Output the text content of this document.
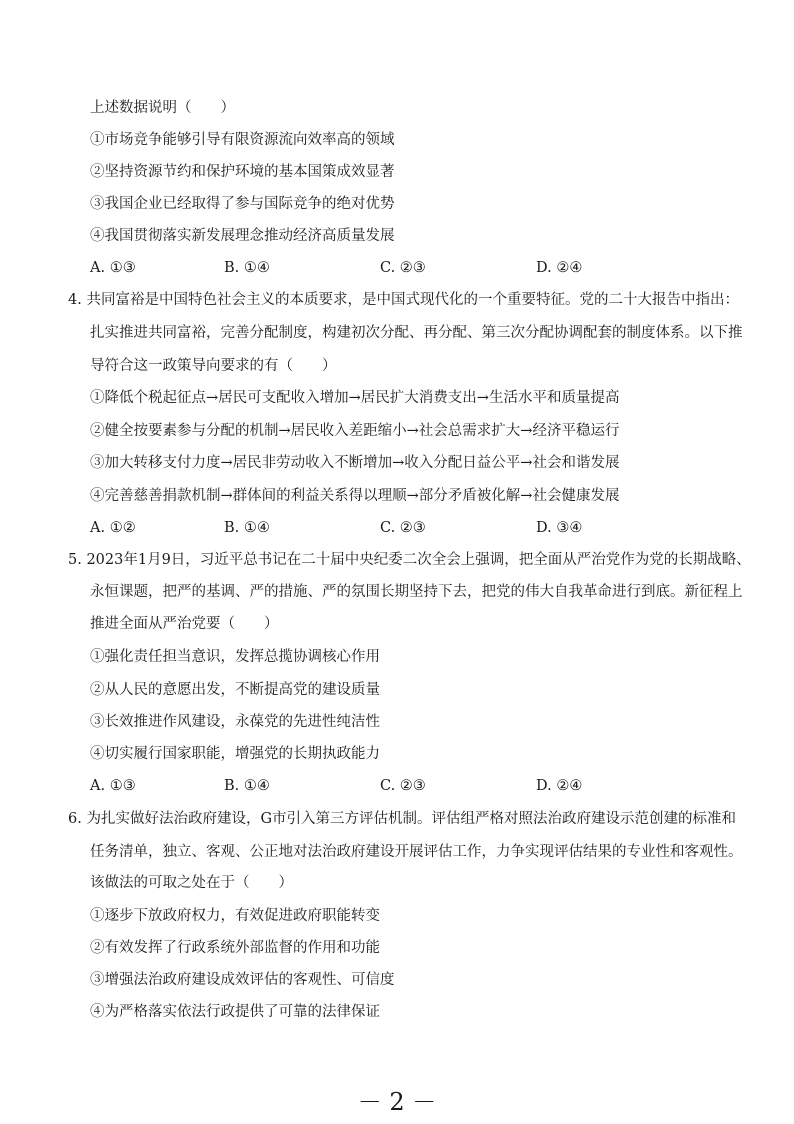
上述数据说明（　　）
①市场竞争能够引导有限资源流向效率高的领域
②坚持资源节约和保护环境的基本国策成效显著
③我国企业已经取得了参与国际竞争的绝对优势
④我国贯彻落实新发展理念推动经济高质量发展
A. ①③	B. ①④	C. ②③	D. ②④
4. 共同富裕是中国特色社会主义的本质要求，是中国式现代化的一个重要特征。党的二十大报告中指出：
扎实推进共同富裕，完善分配制度，构建初次分配、再分配、第三次分配协调配套的制度体系。以下推
导符合这一政策导向要求的有（　　）
①降低个税起征点→居民可支配收入增加→居民扩大消费支出→生活水平和质量提高
②健全按要素参与分配的机制→居民收入差距缩小→社会总需求扩大→经济平稳运行
③加大转移支付力度→居民非劳动收入不断增加→收入分配日益公平→社会和谐发展
④完善慈善捐款机制→群体间的利益关系得以理顺→部分矛盾被化解→社会健康发展
A. ①②	B. ①④	C. ②③	D. ③④
5. 2023年1月9日，习近平总书记在二十届中央纪委二次全会上强调，把全面从严治党作为党的长期战略、
永恒课题，把严的基调、严的措施、严的氛围长期坚持下去，把党的伟大自我革命进行到底。新征程上
推进全面从严治党要（　　）
①强化责任担当意识，发挥总揽协调核心作用
②从人民的意愿出发，不断提高党的建设质量
③长效推进作风建设，永葆党的先进性纯洁性
④切实履行国家职能，增强党的长期执政能力
A. ①③	B. ①④	C. ②③	D. ②④
6. 为扎实做好法治政府建设，G市引入第三方评估机制。评估组严格对照法治政府建设示范创建的标准和
任务清单，独立、客观、公正地对法治政府建设开展评估工作，力争实现评估结果的专业性和客观性。
该做法的可取之处在于（　　）
①逐步下放政府权力，有效促进政府职能转变
②有效发挥了行政系统外部监督的作用和功能
③增强法治政府建设成效评估的客观性、可信度
④为严格落实依法行政提供了可靠的法律保证
－ 2 －
